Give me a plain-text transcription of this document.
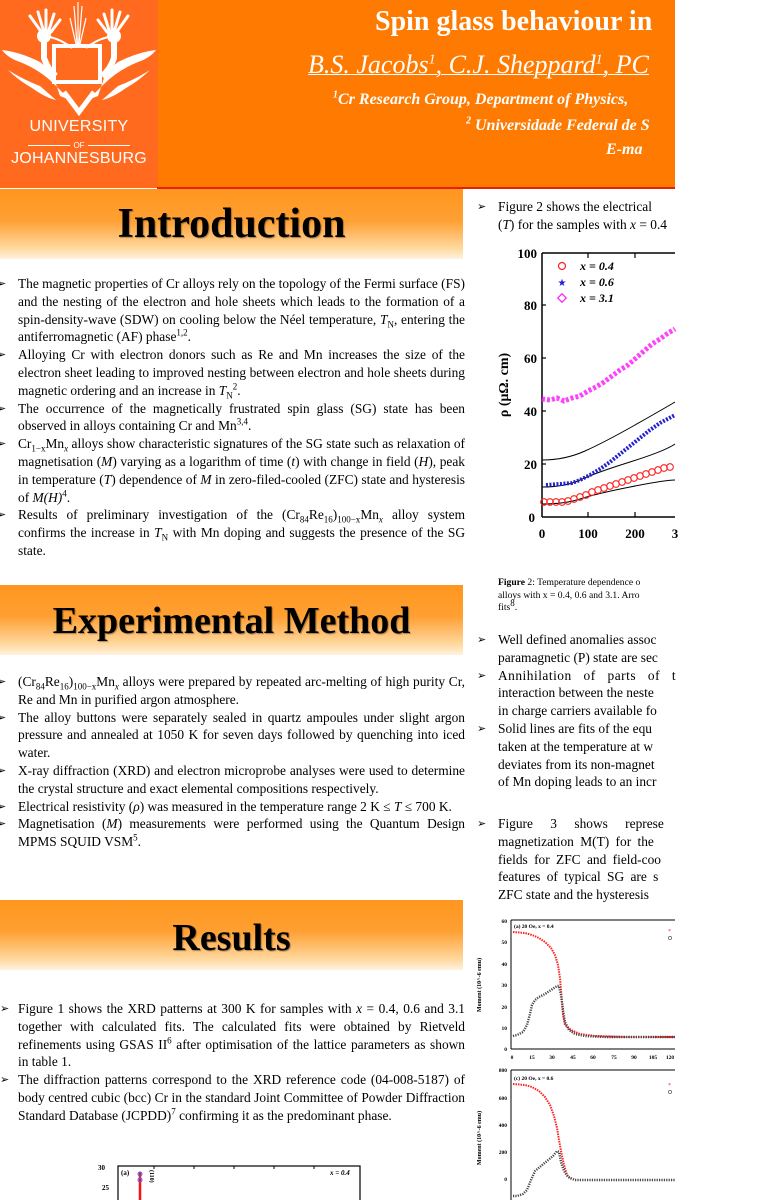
UNIVERSITY
OF
JOHANNESBURG
Spin glass behaviour in
B.S. Jacobs$^1$, C.J. Sheppard$^1$, PC
$^1$Cr Research Group, Department of Physics,
$^2$ Universidade Federal de S
E-ma
Introduction
➢ The magnetic properties of Cr alloys rely on the topology of the Fermi surface (FS) and the nesting of the electron and hole sheets which leads to the formation of a spin-density-wave (SDW) on cooling below the Néel temperature, $T_N$, entering the antiferromagnetic (AF) phase$^{1,2}$.
➢ Alloying Cr with electron donors such as Re and Mn increases the size of the electron sheet leading to improved nesting between electron and hole sheets during magnetic ordering and an increase in $T_N^2$.
➢ The occurrence of the magnetically frustrated spin glass (SG) state has been observed in alloys containing Cr and Mn$^{3,4}$.
➢ $Cr_{1-x}Mn_x$ alloys show characteristic signatures of the SG state such as relaxation of magnetisation (M) varying as a logarithm of time (t) with change in field (H), peak in temperature (T) dependence of M in zero-filed-cooled (ZFC) state and hysteresis of $M(H)^4$.
➢ Results of preliminary investigation of the $(Cr_{84}Re_{16})_{100-x}Mn_x$ alloy system confirms the increase in $T_N$ with Mn doping and suggests the presence of the SG state.
Experimental Method
➢ $(Cr_{84}Re_{16})_{100-x}Mn_x$ alloys were prepared by repeated arc-melting of high purity Cr, Re and Mn in purified argon atmosphere.
➢ The alloy buttons were separately sealed in quartz ampoules under slight argon pressure and annealed at 1050 K for seven days followed by quenching into iced water.
➢ X-ray diffraction (XRD) and electron microprobe analyses were used to determine the crystal structure and exact elemental compositions respectively.
➢ Electrical resistivity (ρ) was measured in the temperature range 2 K ≤ T ≤ 700 K.
➢ Magnetisation (M) measurements were performed using the Quantum Design MPMS SQUID VSM$^5$.
Results
➢ Figure 1 shows the XRD patterns at 300 K for samples with x = 0.4, 0.6 and 3.1 together with calculated fits. The calculated fits were obtained by Rietveld refinements using GSAS $II^6$ after optimisation of the lattice parameters as shown in table 1.
➢ The diffraction patterns correspond to the XRD reference code (04-008-5187) of body centred cubic (bcc) Cr in the standard Joint Committee of Powder Diffraction Standard Database (JCPDD)$^7$ confirming it as the predominant phase.
30
25
(a)	(110)	x = 0.4
➢ Figure 2 shows the electrical
(T) for the samples with x = 0.4
100
80
60
40
20
0
0	100 200 3
ρ (μΩ. cm)
x = 0.4
★ x = 0.6
x = 3.1
Figure 2: Temperature dependence o
alloys with x = 0.4, 0.6 and 3.1. Arro
fits$^8$.
➢ Well defined anomalies assoc
paramagnetic (P) state are sec
➢ Annihilation of parts of t
interaction between the neste
in charge carriers available fo
➢ Solid lines are fits of the equ
taken at the temperature at w
deviates from its non-magnet
of Mn doping leads to an incr
➢ Figure 3 shows represe
magnetization M(T) for the
fields for ZFC and field-coo
features of typical SG are s
ZFC state and the hysteresis
60
50
40
30
20
10
0
0	15	30	45	60	75	90 105 120
(a) 20 Oe, x = 0.4
Moment (10^-6 emu)
*
800
600
400
200
0
(c) 20 Oe, x = 0.6
Moment (10^-6 emu)
*
